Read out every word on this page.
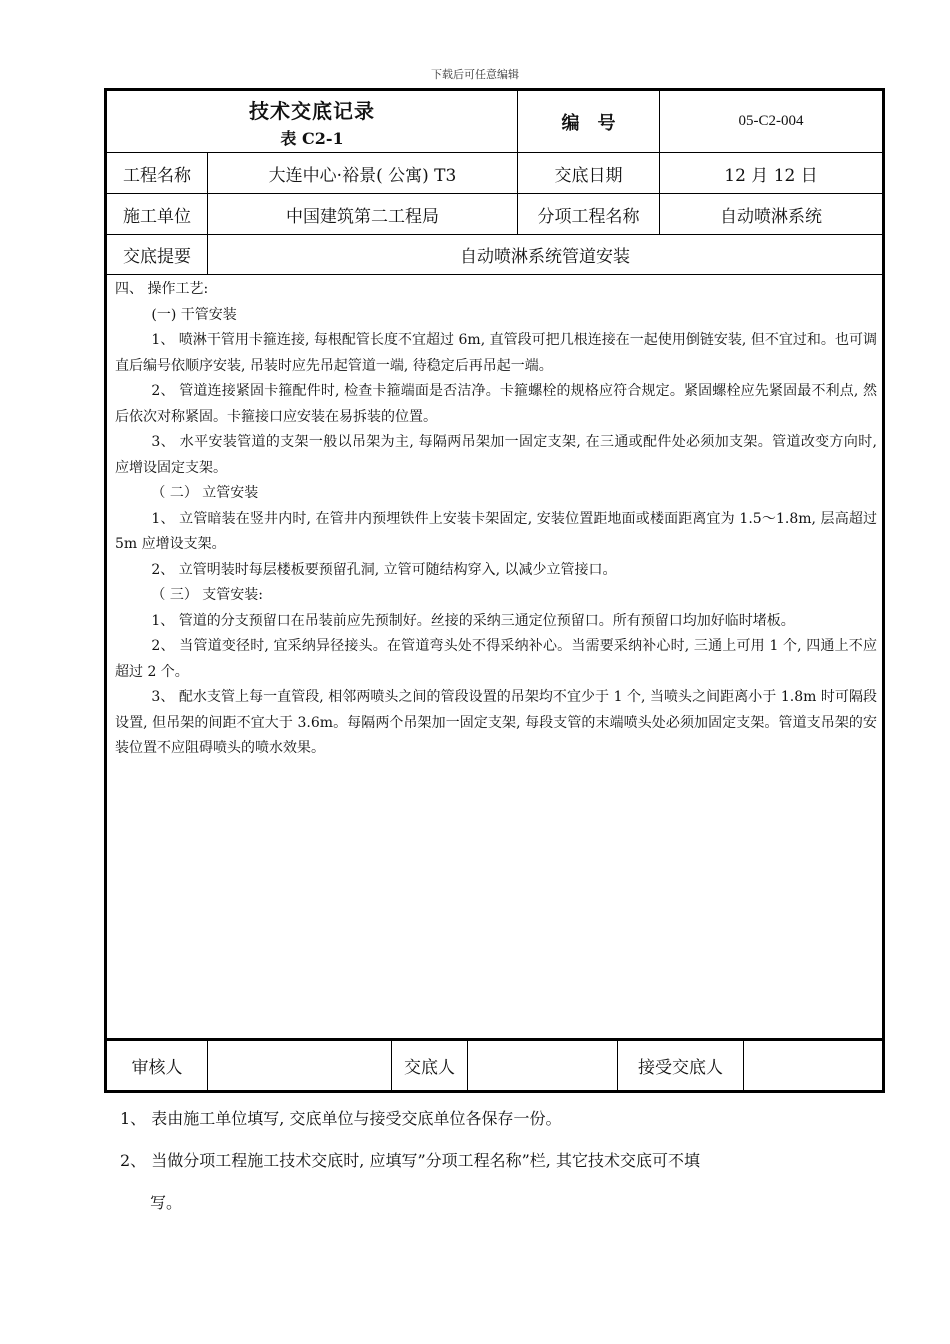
下载后可任意编辑
技术交底记录
表 C2-1
编　号	05-C2-004
工程名称	大连中心·裕景( 公寓) T3	交底日期	12 月 12 日
施工单位	中国建筑第二工程局	分项工程名称	自动喷淋系统
交底提要	自动喷淋系统管道安装

四、 操作工艺:

(一) 干管安装

1、 喷淋干管用卡箍连接, 每根配管长度不宜超过 6m, 直管段可把几根连接在一起使用倒链安装, 但不宜过和。也可调直后编号依顺序安装, 吊装时应先吊起管道一端, 待稳定后再吊起一端。

2、 管道连接紧固卡箍配件时, 检查卡箍端面是否洁净。卡箍螺栓的规格应符合规定。紧固螺栓应先紧固最不利点, 然后依次对称紧固。卡箍接口应安装在易拆装的位置。

3、 水平安装管道的支架一般以吊架为主, 每隔两吊架加一固定支架, 在三通或配件处必须加支架。管道改变方向时, 应增设固定支架。

（ 二） 立管安装

1、 立管暗装在竖井内时, 在管井内预埋铁件上安装卡架固定, 安装位置距地面或楼面距离宜为 1.5～1.8m, 层高超过 5m 应增设支架。

2、 立管明装时每层楼板要预留孔洞, 立管可随结构穿入, 以减少立管接口。

（ 三） 支管安装:

1、 管道的分支预留口在吊装前应先预制好。丝接的采纳三通定位预留口。所有预留口均加好临时堵板。

2、 当管道变径时, 宜采纳异径接头。在管道弯头处不得采纳补心。当需要采纳补心时, 三通上可用 1 个, 四通上不应超过 2 个。

3、 配水支管上每一直管段, 相邻两喷头之间的管段设置的吊架均不宜少于 1 个, 当喷头之间距离小于 1.8m 时可隔段设置, 但吊架的间距不宜大于 3.6m。每隔两个吊架加一固定支架, 每段支管的末端喷头处必须加固定支架。管道支吊架的安装位置不应阻碍喷头的喷水效果。

审核人	交底人	接受交底人

1、 表由施工单位填写, 交底单位与接受交底单位各保存一份。

2、 当做分项工程施工技术交底时, 应填写”分项工程名称”栏, 其它技术交底可不填

写。
